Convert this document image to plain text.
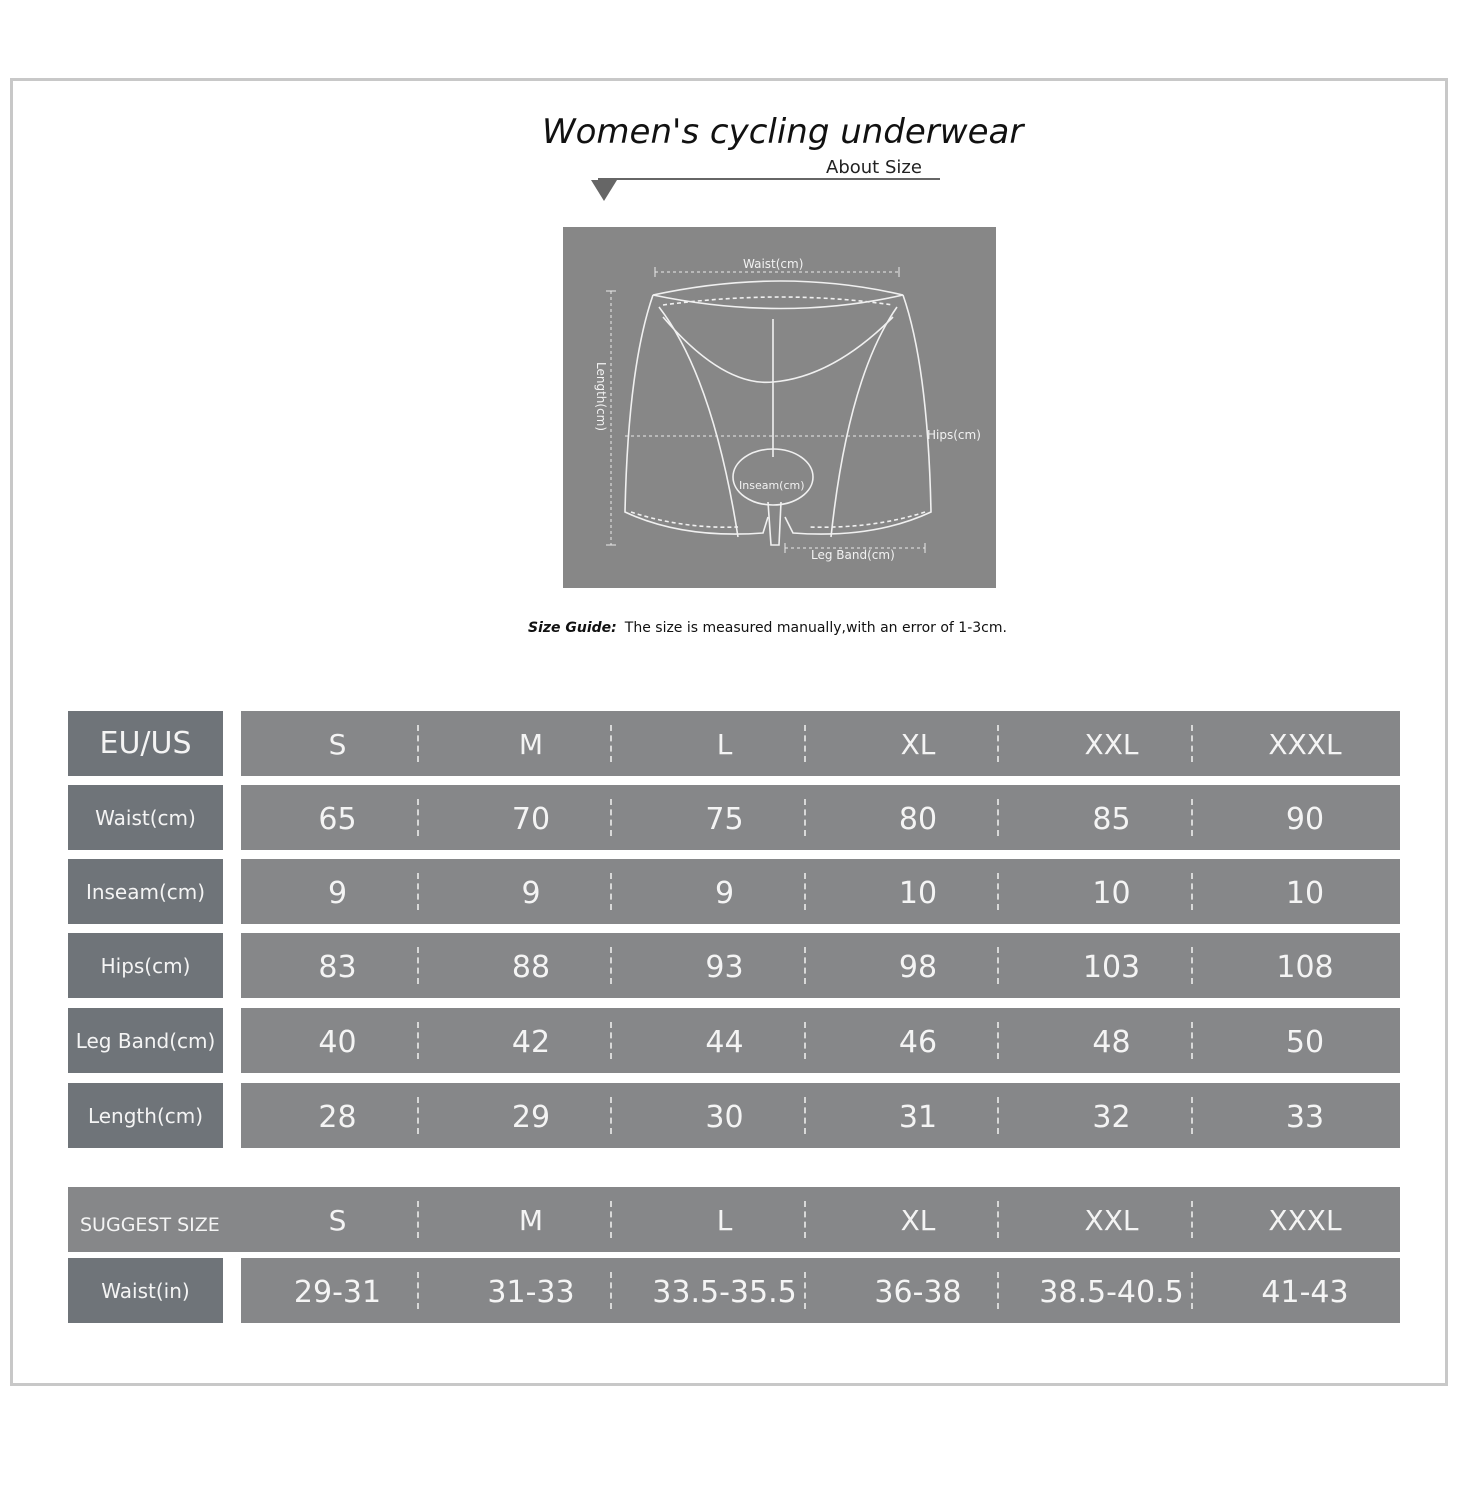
Women's cycling underwear
About Size
Waist(cm)
Length(cm)
Hips(cm)
Inseam(cm)
Leg Band(cm)
Size Guide: The size is measured manually,with an error of 1-3cm.
EU/US	S	M	L	XL	XXL	XXXL
Waist(cm)	65	70	75	80	85	90
Inseam(cm)	9	9	9	10	10	10
Hips(cm)	83	88	93	98	103	108
Leg Band(cm)	40	42	44	46	48	50
Length(cm)	28	29	30	31	32	33
SUGGEST SIZE	S	M	L	XL	XXL	XXXL
Waist(in)	29-31	31-33	33.5-35.5	36-38	38.5-40.5	41-43
